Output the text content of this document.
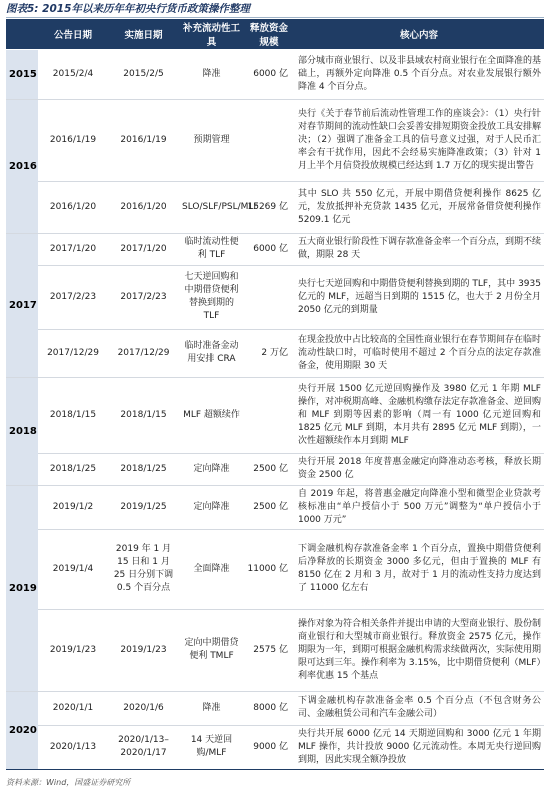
图表5: 2015年以来历年年初央行货币政策操作整理
	公告日期	实施日期	补充流动性工具	释放资金规模	核心内容
2015	2015/2/4	2015/2/5	降准	6000 亿	部分城市商业银行、以及非县域农村商业银行在全面降准的基础上，再额外定向降准 0.5 个百分点。对农业发展银行额外降准 4 个百分点。
2016	2016/1/19	2016/1/19	预期管理		央行《关于春节前后流动性管理工作的座谈会》：（1）央行针对春节期间的流动性缺口会妥善安排短期资金投放工具安排解决；（2）强调了准备金工具的信号意义过强，对于人民币汇率会有干扰作用，因此不会经易实施降准政策；（3）针对 1 月上半个月信贷投放规模已经达到 1.7 万亿的现实提出警告
	2016/1/20	2016/1/20	SLO/SLF/PSL/MLF	15269 亿	其中 SLO 共 550 亿元，开展中期借贷便利操作 8625 亿元，发放抵押补充贷款 1435 亿元，开展常备借贷便利操作 5209.1 亿元
2017	2017/1/20	2017/1/20	临时流动性便利 TLF	6000 亿	五大商业银行阶段性下调存款准备金率一个百分点，到期不续做，期限 28 天
	2017/2/23	2017/2/23	七天逆回购和中期借贷便利替换到期的 TLF		央行七天逆回购和中期借贷便利替换到期的 TLF，其中 3935 亿元的 MLF，远超当日到期的 1515 亿，也大于 2 月份全月 2050 亿元的到期量
	2017/12/29	2017/12/29	临时准备金动用安排 CRA	2 万亿	在现金投放中占比较高的全国性商业银行在春节期间存在临时流动性缺口时，可临时使用不超过 2 个百分点的法定存款准备金，使用期限 30 天
2018	2018/1/15	2018/1/15	MLF 超额续作		央行开展 1500 亿元逆回购操作及 3980 亿元 1 年期 MLF 操作，对冲税期高峰、金融机构缴存法定存款准备金、逆回购和 MLF 到期等因素的影响（周一有 1000 亿元逆回购和 1825 亿元 MLF 到期，本月共有 2895 亿元 MLF 到期），一次性超额续作本月到期 MLF
	2018/1/25	2018/1/25	定向降准	2500 亿	央行开展 2018 年度普惠金融定向降准动态考核，释放长期资金 2500 亿
2019	2019/1/2	2019/1/25	定向降准	2500 亿	自 2019 年起，将普惠金融定向降准小型和微型企业贷款考核标准由“单户授信小于 500 万元”调整为“单户授信小于 1000 万元”
	2019/1/4	2019 年 1 月 15 日和 1 月 25 日分别下调 0.5 个百分点	全面降准	11000 亿	下调金融机构存款准备金率 1 个百分点，置换中期借贷便利后净释放的长期资金 3000 多亿元，但由于置换的 MLF 有 8150 亿在 2 月和 3 月，故对于 1 月的流动性支持力度达到了 11000 亿左右
	2019/1/23	2019/1/23	定向中期借贷便利 TMLF	2575 亿	操作对象为符合相关条件并提出申请的大型商业银行、股份制商业银行和大型城市商业银行。释放资金 2575 亿元，操作期限为一年，到期可根据金融机构需求续做两次，实际使用期限可达到三年。操作利率为 3.15%，比中期借贷便利（MLF）利率优惠 15 个基点
2020	2020/1/1	2020/1/6	降准	8000 亿	下调金融机构存款准备金率 0.5 个百分点（不包含财务公司、金融租赁公司和汽车金融公司）
	2020/1/13	2020/1/13–2020/1/17	14 天逆回购/MLF	9000 亿	央行共开展 6000 亿元 14 天期逆回购和 3000 亿元 1 年期 MLF 操作，共计投放 9000 亿元流动性。本周无央行逆回购到期，因此实现全额净投放
资料来源：Wind，国盛证券研究所
